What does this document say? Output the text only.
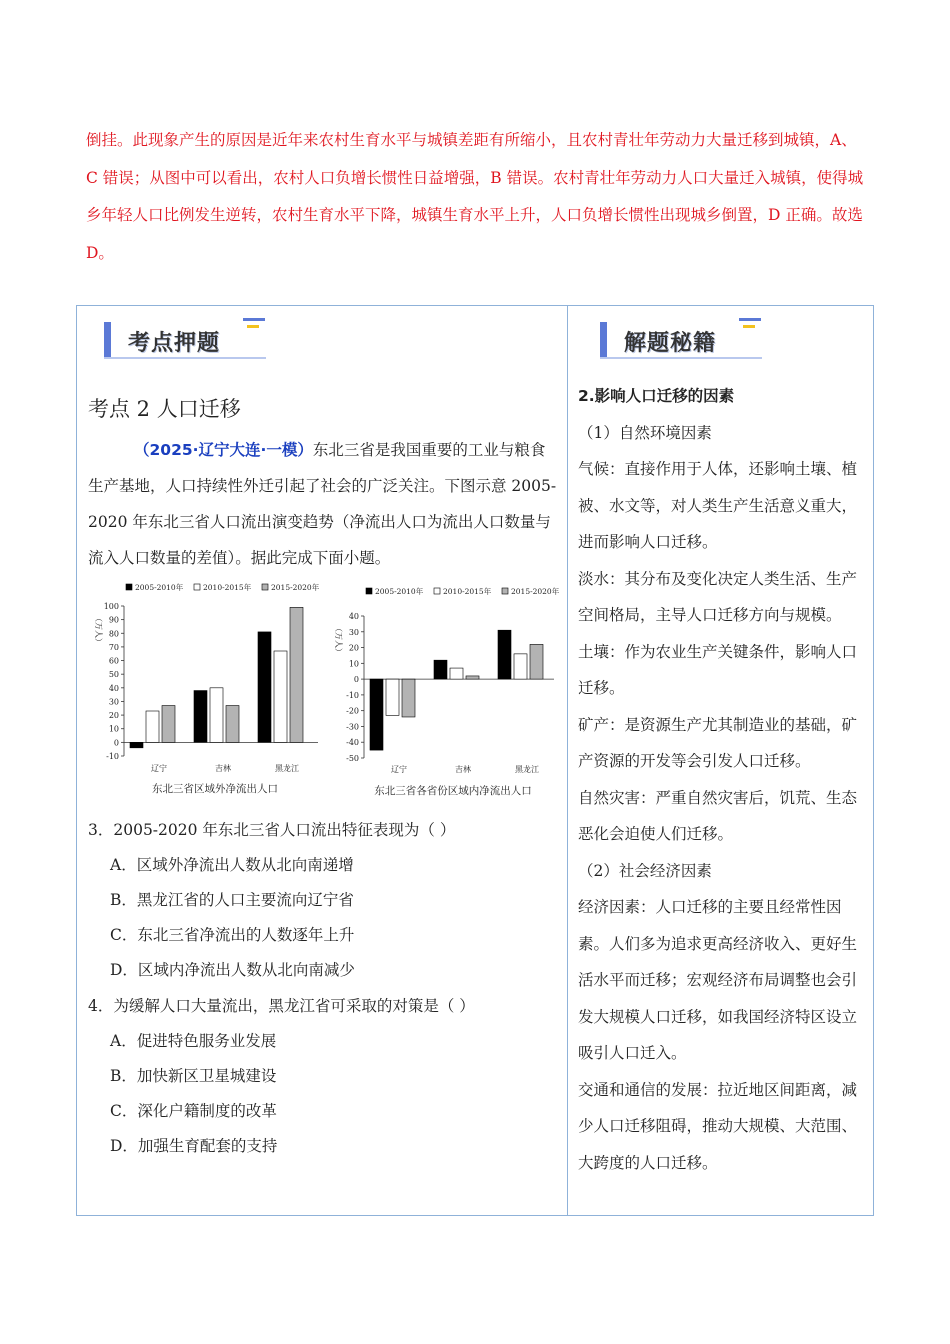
倒挂。此现象产生的原因是近年来农村生育水平与城镇差距有所缩小，且农村青壮年劳动力大量迁移到城镇，A、C 错误；从图中可以看出，农村人口负增长惯性日益增强，B 错误。农村青壮年劳动力人口大量迁入城镇，使得城乡年轻人口比例发生逆转，农村生育水平下降，城镇生育水平上升，人口负增长惯性出现城乡倒置，D 正确。故选 D。
考点押题	解题秘籍
考点 2 人口迁移
（2025·辽宁大连·一模）东北三省是我国重要的工业与粮食生产基地，人口持续性外迁引起了社会的广泛关注。下图示意 2005-2020 年东北三省人口流出演变趋势（净流出人口为流出人口数量与流入人口数量的差值）。据此完成下面小题。
2005-2010年	2010-2015年	2015-2020年
（万人）
100
90
80
70
60
50
40
30
20
10
0
-10
辽宁	吉林	黑龙江
东北三省区域外净流出人口
2005-2010年	2010-2015年	2015-2020年
（万人）
40
30
20
10
0
-10
-20
-30
-40
-50
辽宁	吉林	黑龙江
东北三省各省份区域内净流出人口
3．2005-2020 年东北三省人口流出特征表现为（ ）
A．区域外净流出人数从北向南递增
B．黑龙江省的人口主要流向辽宁省
C．东北三省净流出的人数逐年上升
D．区域内净流出人数从北向南减少
4．为缓解人口大量流出，黑龙江省可采取的对策是（ ）
A．促进特色服务业发展
B．加快新区卫星城建设
C．深化户籍制度的改革
D．加强生育配套的支持

2.影响人口迁移的因素

（1）自然环境因素

气候：直接作用于人体，还影响土壤、植被、水文等，对人类生产生活意义重大，进而影响人口迁移。

淡水：其分布及变化决定人类生活、生产空间格局，主导人口迁移方向与规模。

土壤：作为农业生产关键条件，影响人口迁移。

矿产：是资源生产尤其制造业的基础，矿产资源的开发等会引发人口迁移。

自然灾害：严重自然灾害后，饥荒、生态恶化会迫使人们迁移。

（2）社会经济因素

经济因素：人口迁移的主要且经常性因素。人们多为追求更高经济收入、更好生活水平而迁移；宏观经济布局调整也会引发大规模人口迁移，如我国经济特区设立吸引人口迁入。

交通和通信的发展：拉近地区间距离，减少人口迁移阻碍，推动大规模、大范围、大跨度的人口迁移。
